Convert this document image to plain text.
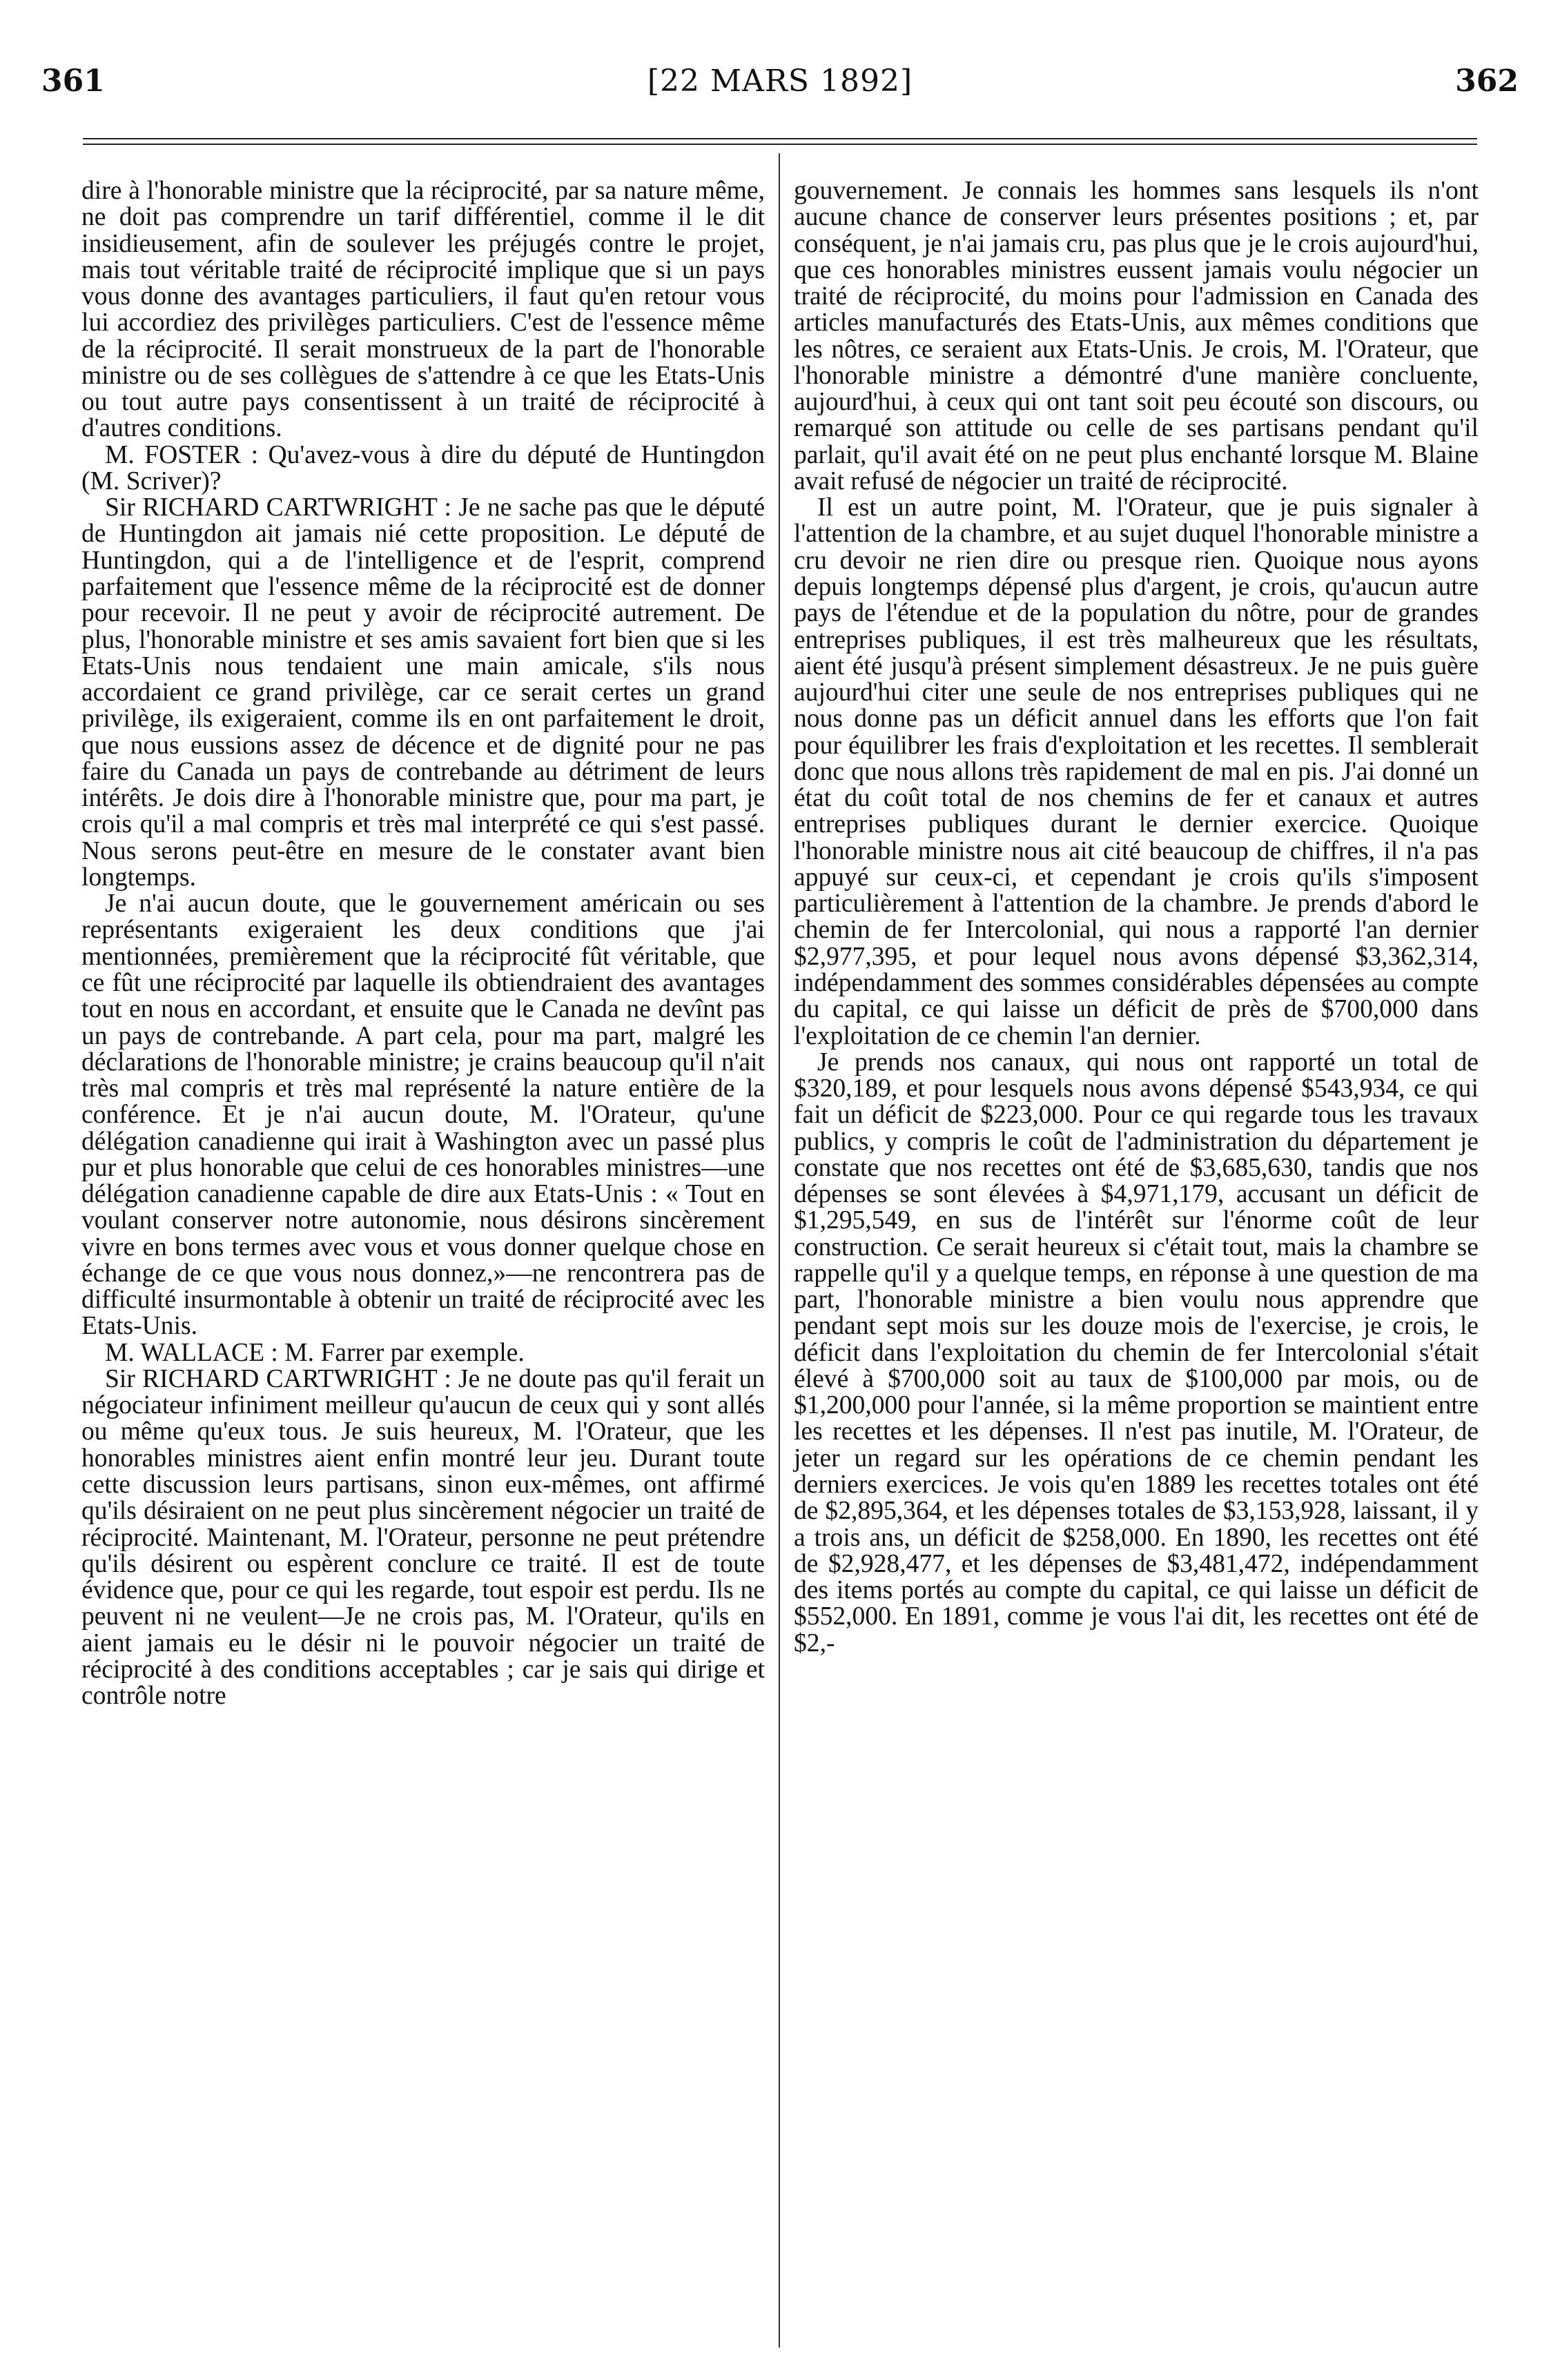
361	[22 MARS 1892]	362

dire à l'honorable ministre que la réciprocité, par sa nature même, ne doit pas comprendre un tarif différentiel, comme il le dit insidieusement, afin de soulever les préjugés contre le projet, mais tout véritable traité de réciprocité implique que si un pays vous donne des avantages particuliers, il faut qu'en retour vous lui accordiez des privilèges particuliers. C'est de l'essence même de la réciprocité. Il serait monstrueux de la part de l'honorable ministre ou de ses collègues de s'attendre à ce que les Etats-Unis ou tout autre pays consentissent à un traité de réciprocité à d'autres conditions.

M. FOSTER : Qu'avez-vous à dire du député de Huntingdon (M. Scriver)?

Sir RICHARD CARTWRIGHT : Je ne sache pas que le député de Huntingdon ait jamais nié cette proposition. Le député de Huntingdon, qui a de l'intelligence et de l'esprit, comprend parfaitement que l'essence même de la réciprocité est de donner pour recevoir. Il ne peut y avoir de réciprocité autrement. De plus, l'honorable ministre et ses amis savaient fort bien que si les Etats-Unis nous tendaient une main amicale, s'ils nous accordaient ce grand privilège, car ce serait certes un grand privilège, ils exigeraient, comme ils en ont parfaitement le droit, que nous eussions assez de décence et de dignité pour ne pas faire du Canada un pays de contrebande au détriment de leurs intérêts. Je dois dire à l'honorable ministre que, pour ma part, je crois qu'il a mal compris et très mal interprété ce qui s'est passé. Nous serons peut-être en mesure de le constater avant bien longtemps.

Je n'ai aucun doute, que le gouvernement américain ou ses représentants exigeraient les deux conditions que j'ai mentionnées, premièrement que la réciprocité fût véritable, que ce fût une réciprocité par laquelle ils obtiendraient des avantages tout en nous en accordant, et ensuite que le Canada ne devînt pas un pays de contrebande. A part cela, pour ma part, malgré les déclarations de l'honorable ministre; je crains beaucoup qu'il n'ait très mal compris et très mal représenté la nature entière de la conférence. Et je n'ai aucun doute, M. l'Orateur, qu'une délégation canadienne qui irait à Washington avec un passé plus pur et plus honorable que celui de ces honorables ministres—une délégation canadienne capable de dire aux Etats-Unis : « Tout en voulant conserver notre autonomie, nous désirons sincèrement vivre en bons termes avec vous et vous donner quelque chose en échange de ce que vous nous donnez,»—ne rencontrera pas de difficulté insurmontable à obtenir un traité de réciprocité avec les Etats-Unis.

M. WALLACE : M. Farrer par exemple.

Sir RICHARD CARTWRIGHT : Je ne doute pas qu'il ferait un négociateur infiniment meilleur qu'aucun de ceux qui y sont allés ou même qu'eux tous. Je suis heureux, M. l'Orateur, que les honorables ministres aient enfin montré leur jeu. Durant toute cette discussion leurs partisans, sinon eux-mêmes, ont affirmé qu'ils désiraient on ne peut plus sincèrement négocier un traité de réciprocité. Maintenant, M. l'Orateur, personne ne peut prétendre qu'ils désirent ou espèrent conclure ce traité. Il est de toute évidence que, pour ce qui les regarde, tout espoir est perdu. Ils ne peuvent ni ne veulent—Je ne crois pas, M. l'Orateur, qu'ils en aient jamais eu le désir ni le pouvoir négocier un traité de réciprocité à des conditions acceptables ; car je sais qui dirige et contrôle notre

gouvernement. Je connais les hommes sans lesquels ils n'ont aucune chance de conserver leurs présentes positions ; et, par conséquent, je n'ai jamais cru, pas plus que je le crois aujourd'hui, que ces honorables ministres eussent jamais voulu négocier un traité de réciprocité, du moins pour l'admission en Canada des articles manufacturés des Etats-Unis, aux mêmes conditions que les nôtres, ce seraient aux Etats-Unis. Je crois, M. l'Orateur, que l'honorable ministre a démontré d'une manière concluente, aujourd'hui, à ceux qui ont tant soit peu écouté son discours, ou remarqué son attitude ou celle de ses partisans pendant qu'il parlait, qu'il avait été on ne peut plus enchanté lorsque M. Blaine avait refusé de négocier un traité de réciprocité.

Il est un autre point, M. l'Orateur, que je puis signaler à l'attention de la chambre, et au sujet duquel l'honorable ministre a cru devoir ne rien dire ou presque rien. Quoique nous ayons depuis longtemps dépensé plus d'argent, je crois, qu'aucun autre pays de l'étendue et de la population du nôtre, pour de grandes entreprises publiques, il est très malheureux que les résultats, aient été jusqu'à présent simplement désastreux. Je ne puis guère aujourd'hui citer une seule de nos entreprises publiques qui ne nous donne pas un déficit annuel dans les efforts que l'on fait pour équilibrer les frais d'exploitation et les recettes. Il semblerait donc que nous allons très rapidement de mal en pis. J'ai donné un état du coût total de nos chemins de fer et canaux et autres entreprises publiques durant le dernier exercice. Quoique l'honorable ministre nous ait cité beaucoup de chiffres, il n'a pas appuyé sur ceux-ci, et cependant je crois qu'ils s'imposent particulièrement à l'attention de la chambre. Je prends d'abord le chemin de fer Intercolonial, qui nous a rapporté l'an dernier $2,977,395, et pour lequel nous avons dépensé $3,362,314, indépendamment des sommes considérables dépensées au compte du capital, ce qui laisse un déficit de près de $700,000 dans l'exploitation de ce chemin l'an dernier.

Je prends nos canaux, qui nous ont rapporté un total de $320,189, et pour lesquels nous avons dépensé $543,934, ce qui fait un déficit de $223,000. Pour ce qui regarde tous les travaux publics, y compris le coût de l'administration du département je constate que nos recettes ont été de $3,685,630, tandis que nos dépenses se sont élevées à $4,971,179, accusant un déficit de $1,295,549, en sus de l'intérêt sur l'énorme coût de leur construction. Ce serait heureux si c'était tout, mais la chambre se rappelle qu'il y a quelque temps, en réponse à une question de ma part, l'honorable ministre a bien voulu nous apprendre que pendant sept mois sur les douze mois de l'exercise, je crois, le déficit dans l'exploitation du chemin de fer Intercolonial s'était élevé à $700,000 soit au taux de $100,000 par mois, ou de $1,200,000 pour l'année, si la même proportion se maintient entre les recettes et les dépenses. Il n'est pas inutile, M. l'Orateur, de jeter un regard sur les opérations de ce chemin pendant les derniers exercices. Je vois qu'en 1889 les recettes totales ont été de $2,895,364, et les dépenses totales de $3,153,928, laissant, il y a trois ans, un déficit de $258,000. En 1890, les recettes ont été de $2,928,477, et les dépenses de $3,481,472, indépendamment des items portés au compte du capital, ce qui laisse un déficit de $552,000. En 1891, comme je vous l'ai dit, les recettes ont été de $2,-
